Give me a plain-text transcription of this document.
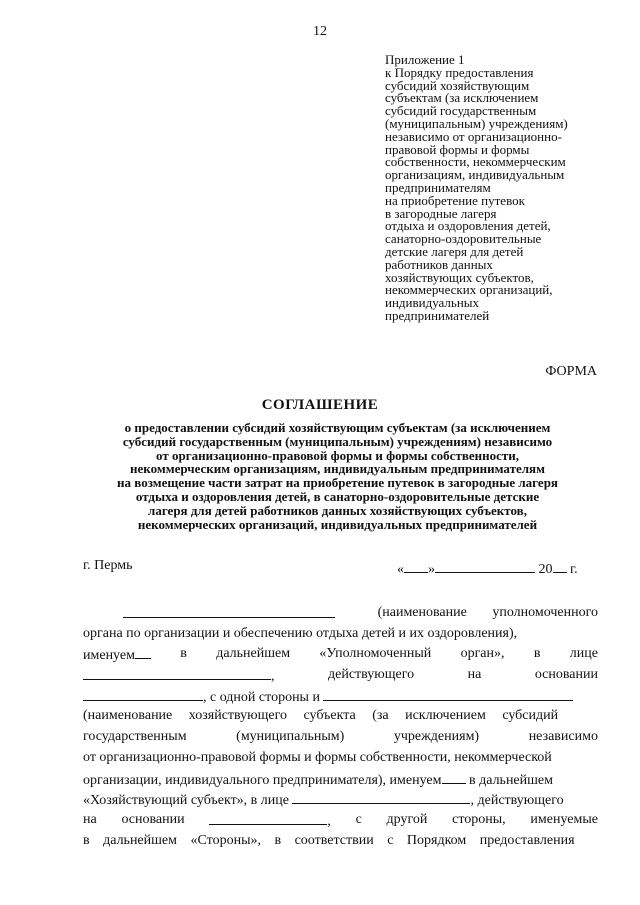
12
Приложение 1
к Порядку предоставления
субсидий хозяйствующим
субъектам (за исключением
субсидий государственным
(муниципальным) учреждениям)
независимо от организационно-
правовой формы и формы
собственности, некоммерческим
организациям, индивидуальным
предпринимателям
на приобретение путевок
в загородные лагеря
отдыха и оздоровления детей,
санаторно-оздоровительные
детские лагеря для детей
работников данных
хозяйствующих субъектов,
некоммерческих организаций,
индивидуальных
предпринимателей
ФОРМА
СОГЛАШЕНИЕ
о предоставлении субсидий хозяйствующим субъектам (за исключением
субсидий государственным (муниципальным) учреждениям) независимо
от организационно-правовой формы и формы собственности,
некоммерческим организациям, индивидуальным предпринимателям
на возмещение части затрат на приобретение путевок в загородные лагеря
отдыха и оздоровления детей, в санаторно-оздоровительные детские
лагеря для детей работников данных хозяйствующих субъектов,
некоммерческих организаций, индивидуальных предпринимателей
г. Пермь	« »	20 г.
(наименование уполномоченного
органа по организации и обеспечению отдыха детей и их оздоровления),
именуем	в дальнейшем «Уполномоченный орган», в лице
,	действующего	на	основании
, с одной стороны и
(наименование хозяйствующего субъекта (за исключением субсидий
государственным	(муниципальным)	учреждениям)	независимо
от организационно-правовой формы и формы собственности, некоммерческой
организации, индивидуального предпринимателя), именуем в дальнейшем
«Хозяйствующий субъект», в лице	, действующего
на основании	, с другой стороны, именуемые
в дальнейшем «Стороны», в соответствии с Порядком предоставления
